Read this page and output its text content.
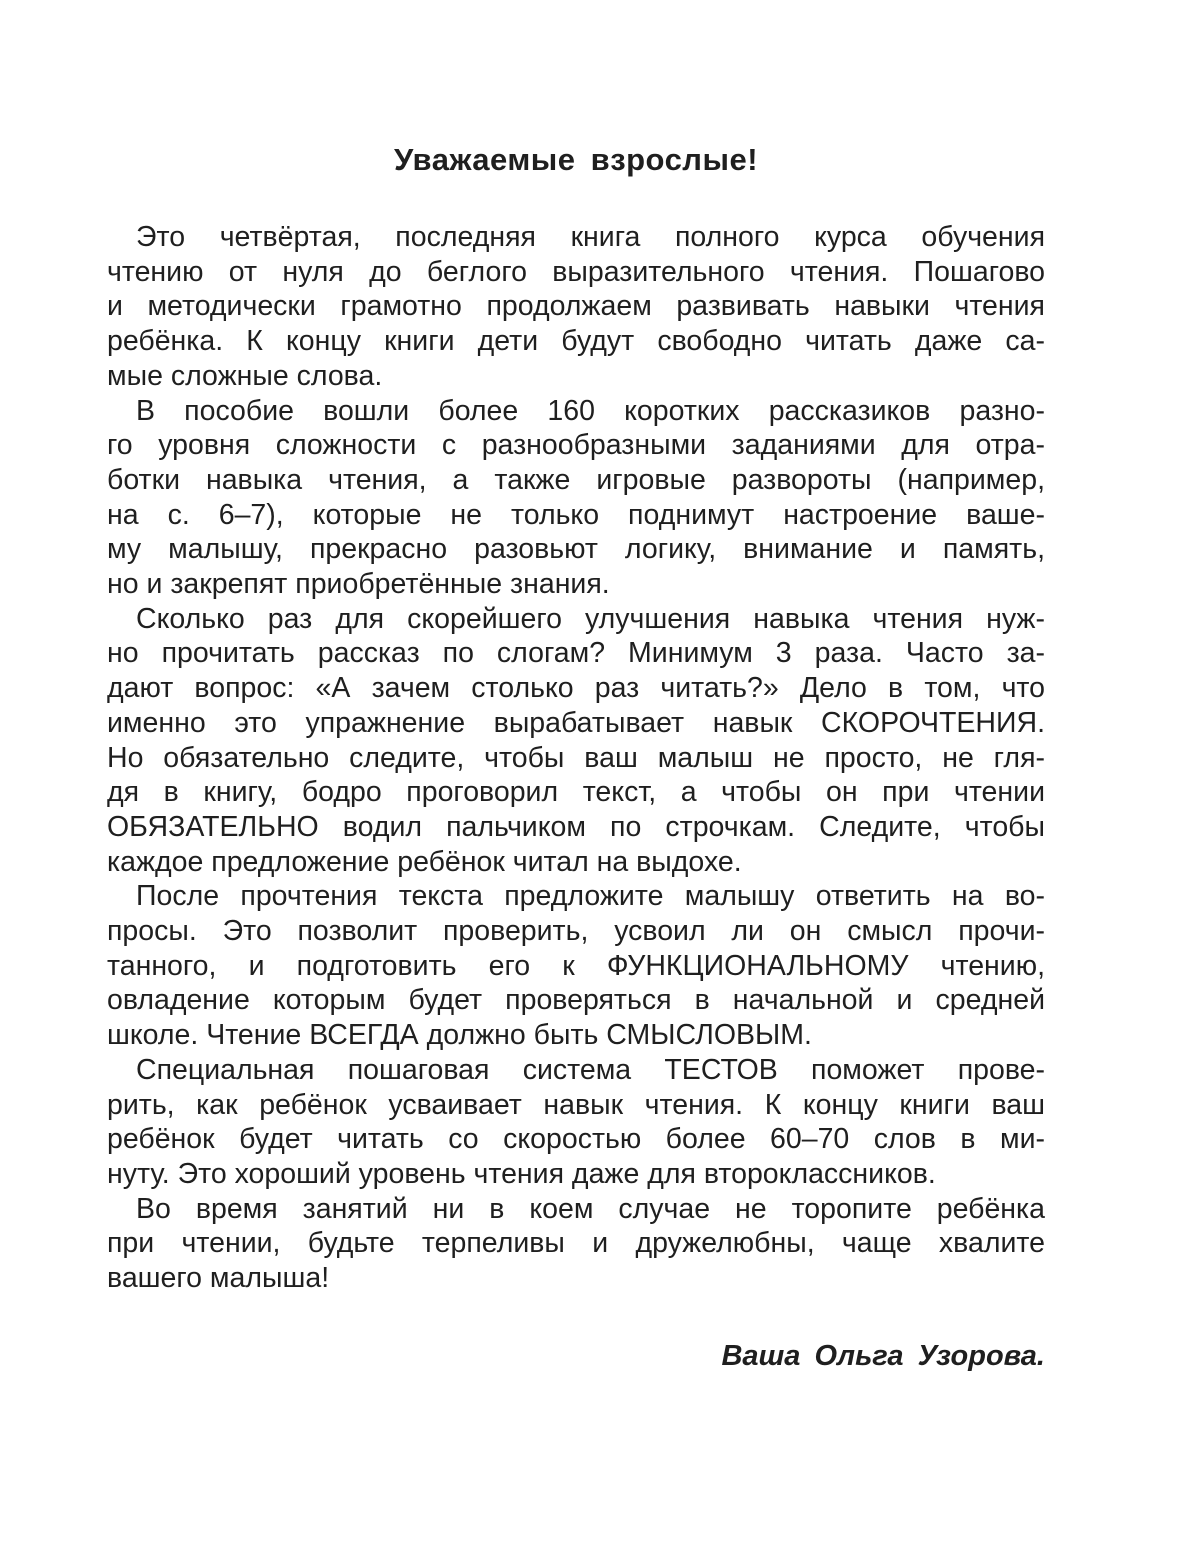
Уважаемые взрослые!

Это четвёртая, последняя книга полного курса обучения
чтению от нуля до беглого выразительного чтения. Пошагово
и методически грамотно продолжаем развивать навыки чтения
ребёнка. К концу книги дети будут свободно читать даже са-
мые сложные слова.

В пособие вошли более 160 коротких рассказиков разно-
го уровня сложности с разнообразными заданиями для отра-
ботки навыка чтения, а также игровые развороты (например,
на с. 6–7), которые не только поднимут настроение ваше-
му малышу, прекрасно разовьют логику, внимание и память,
но и закрепят приобретённые знания.

Сколько раз для скорейшего улучшения навыка чтения нуж-
но прочитать рассказ по слогам? Минимум 3 раза. Часто за-
дают вопрос: «А зачем столько раз читать?» Дело в том, что
именно это упражнение вырабатывает навык СКОРОЧТЕНИЯ.
Но обязательно следите, чтобы ваш малыш не просто, не гля-
дя в книгу, бодро проговорил текст, а чтобы он при чтении
ОБЯЗАТЕЛЬНО водил пальчиком по строчкам. Следите, чтобы
каждое предложение ребёнок читал на выдохе.

После прочтения текста предложите малышу ответить на во-
просы. Это позволит проверить, усвоил ли он смысл прочи-
танного, и подготовить его к ФУНКЦИОНАЛЬНОМУ чтению,
овладение которым будет проверяться в начальной и средней
школе. Чтение ВСЕГДА должно быть СМЫСЛОВЫМ.

Специальная пошаговая система ТЕСТОВ поможет прове-
рить, как ребёнок усваивает навык чтения. К концу книги ваш
ребёнок будет читать со скоростью более 60–70 слов в ми-
нуту. Это хороший уровень чтения даже для второклассников.

Во время занятий ни в коем случае не торопите ребёнка
при чтении, будьте терпеливы и дружелюбны, чаще хвалите
вашего малыша!

Ваша Ольга Узорова.
